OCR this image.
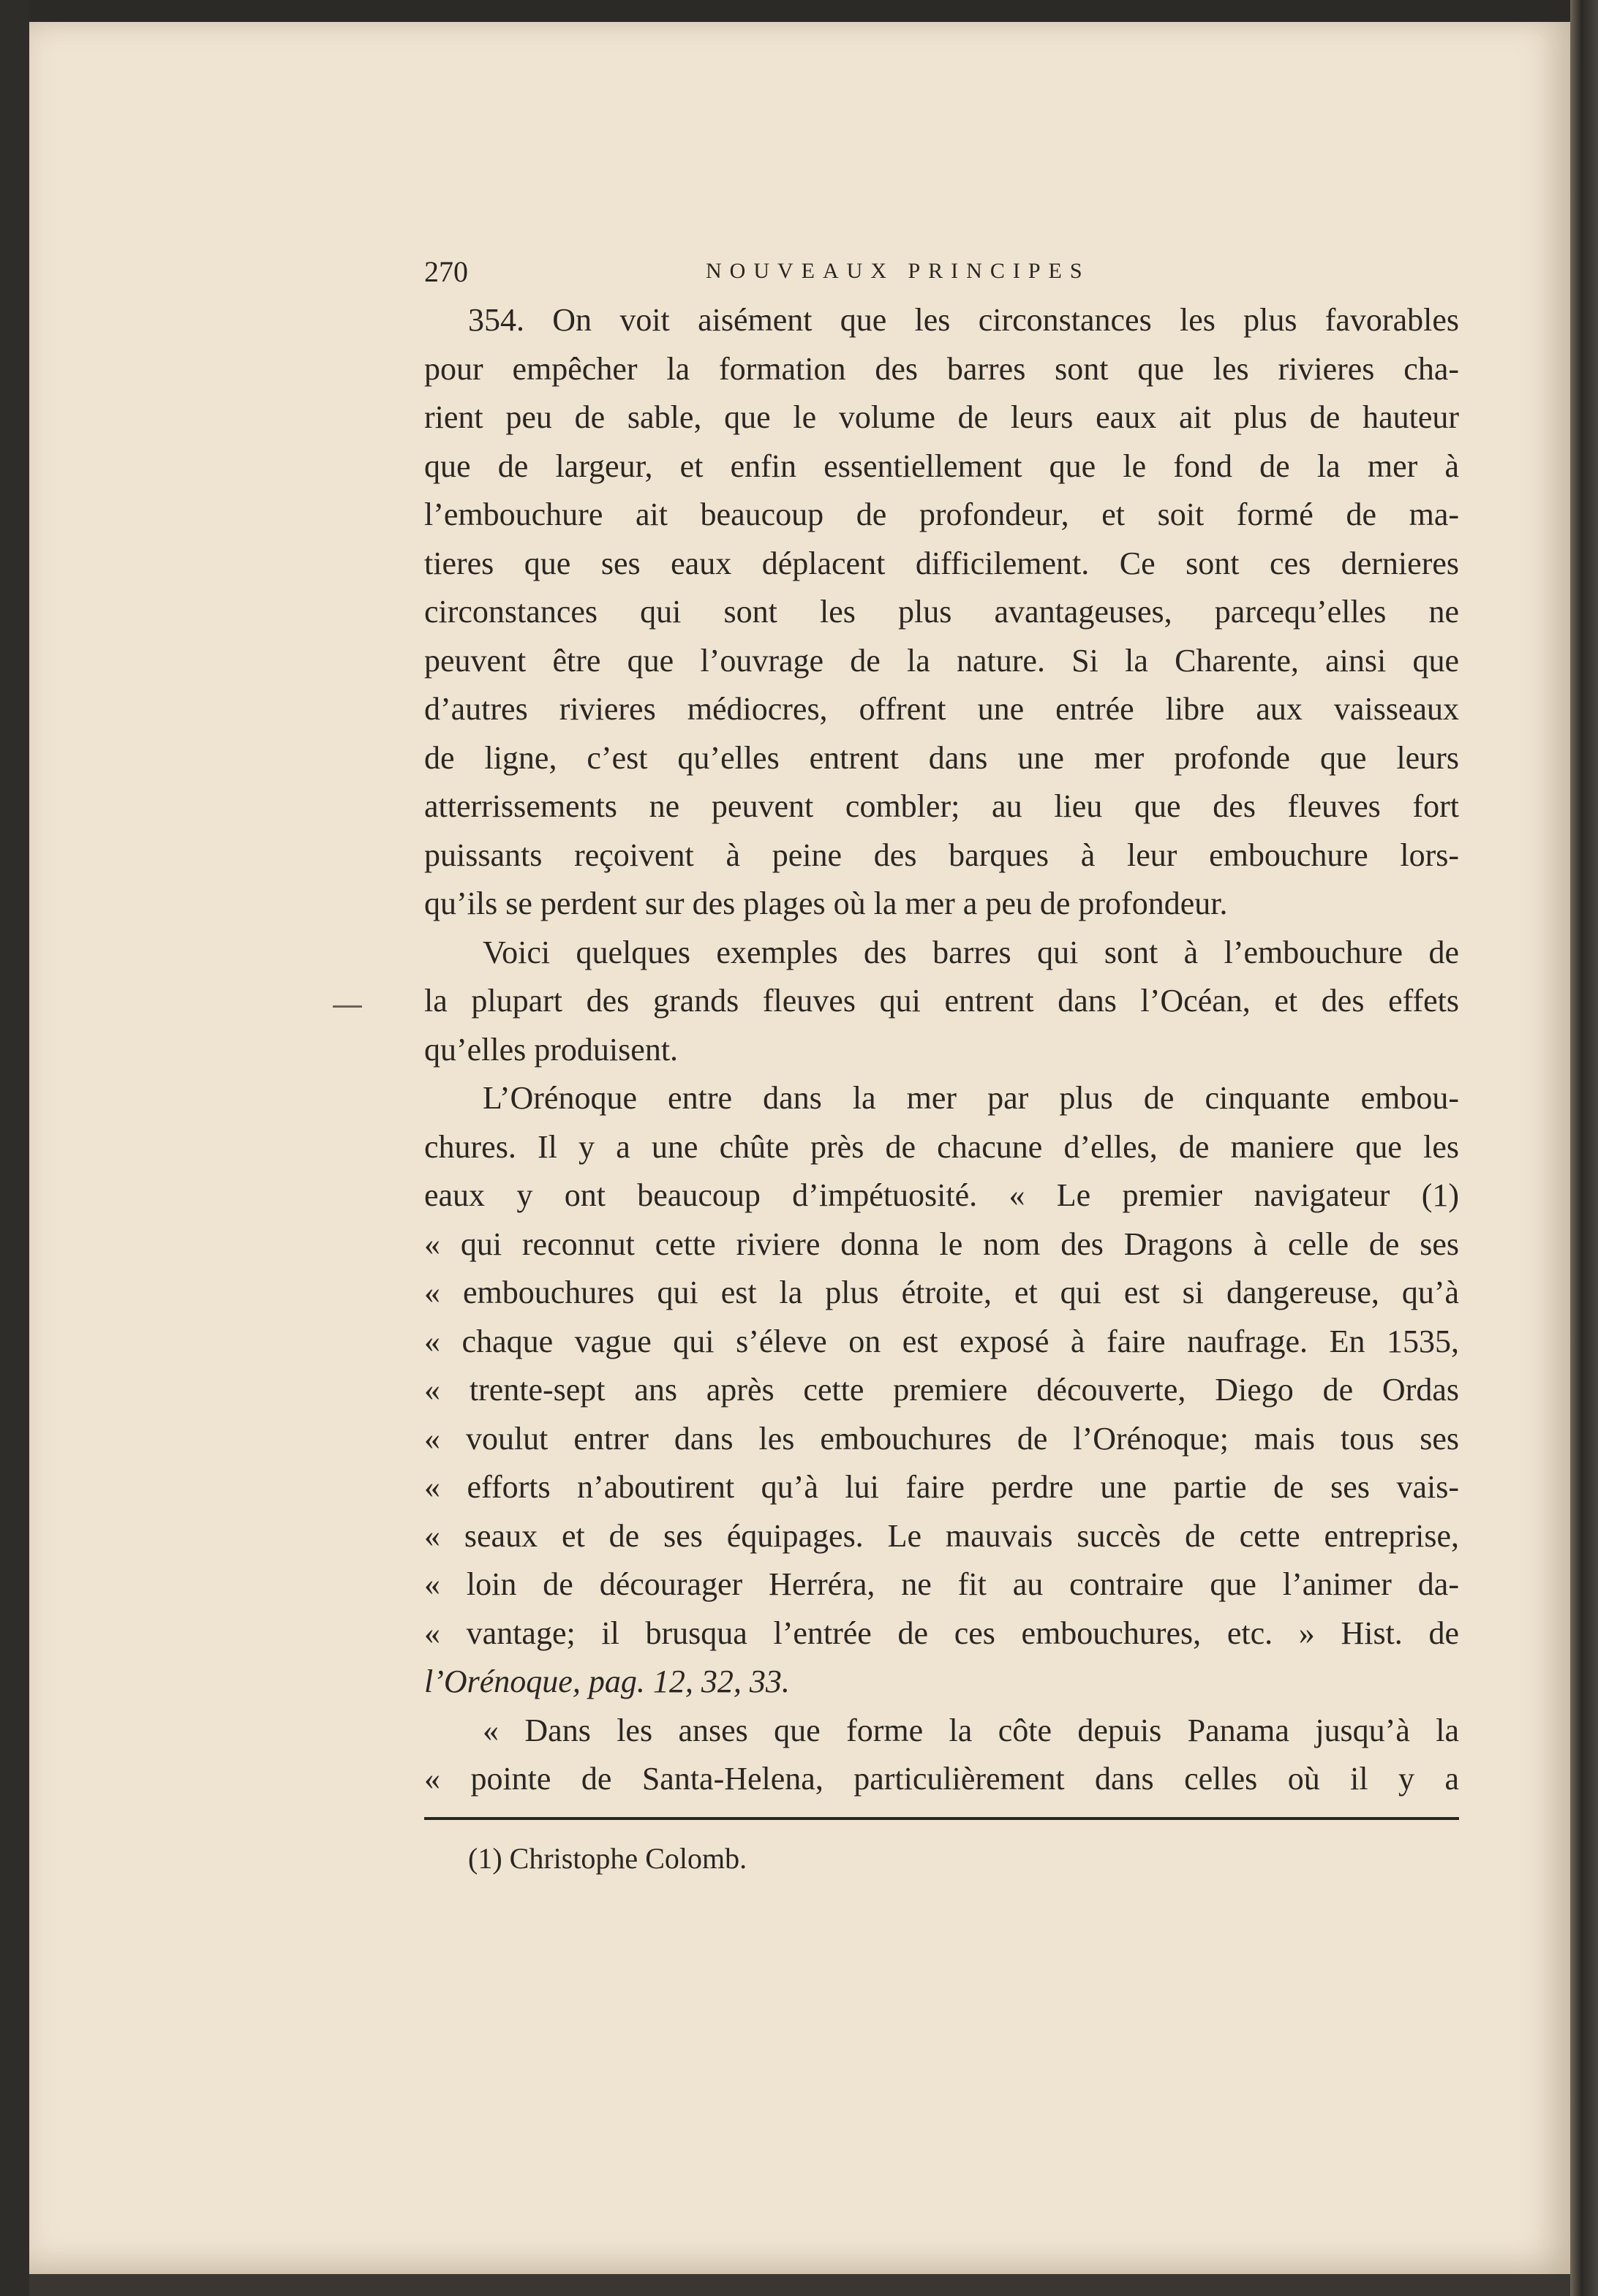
270	NOUVEAUX PRINCIPES
354. On voit aisément que les circonstances les plus favorables
pour empêcher la formation des barres sont que les rivieres cha-
rient peu de sable, que le volume de leurs eaux ait plus de hauteur
que de largeur, et enfin essentiellement que le fond de la mer à
l’embouchure ait beaucoup de profondeur, et soit formé de ma-
tieres que ses eaux déplacent difficilement. Ce sont ces dernieres
circonstances qui sont les plus avantageuses, parcequ’elles ne
peuvent être que l’ouvrage de la nature. Si la Charente, ainsi que
d’autres rivieres médiocres, offrent une entrée libre aux vaisseaux
de ligne, c’est qu’elles entrent dans une mer profonde que leurs
atterrissements ne peuvent combler; au lieu que des fleuves fort
puissants reçoivent à peine des barques à leur embouchure lors-
qu’ils se perdent sur des plages où la mer a peu de profondeur.
Voici quelques exemples des barres qui sont à l’embouchure de
la plupart des grands fleuves qui entrent dans l’Océan, et des effets
qu’elles produisent.
L’Orénoque entre dans la mer par plus de cinquante embou-
chures. Il y a une chûte près de chacune d’elles, de maniere que les
eaux y ont beaucoup d’impétuosité. « Le premier navigateur (1)
« qui reconnut cette riviere donna le nom des Dragons à celle de ses
« embouchures qui est la plus étroite, et qui est si dangereuse, qu’à
« chaque vague qui s’éleve on est exposé à faire naufrage. En 1535,
« trente-sept ans après cette premiere découverte, Diego de Ordas
« voulut entrer dans les embouchures de l’Orénoque; mais tous ses
« efforts n’aboutirent qu’à lui faire perdre une partie de ses vais-
« seaux et de ses équipages. Le mauvais succès de cette entreprise,
« loin de décourager Herréra, ne fit au contraire que l’animer da-
« vantage; il brusqua l’entrée de ces embouchures, etc. » Hist. de
l’Orénoque, pag. 12, 32, 33.
« Dans les anses que forme la côte depuis Panama jusqu’à la
« pointe de Santa-Helena, particulièrement dans celles où il y a
(1) Christophe Colomb.
